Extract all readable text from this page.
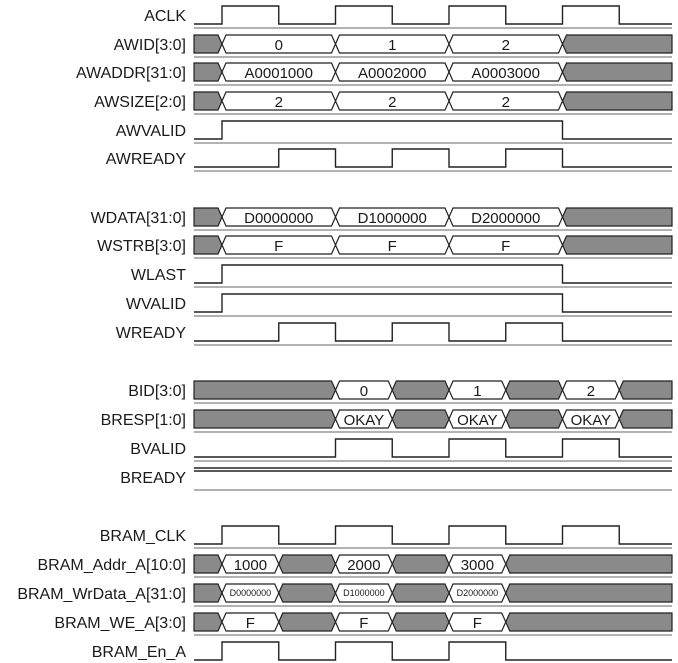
ACLK
AWID[3:0]	0	1	2
AWADDR[31:0]	A0001000	A0002000	A0003000
AWSIZE[2:0]	2	2	2
AWVALID
AWREADY
WDATA[31:0]	D0000000	D1000000	D2000000
WSTRB[3:0]	F	F	F
WLAST
WVALID
WREADY
BID[3:0]	0	1	2
BRESP[1:0]	OKAY	OKAY	OKAY
BVALID
BREADY
BRAM_CLK
BRAM_Addr_A[10:0]	1000	2000	3000
BRAM_WrData_A[31:0]	D0000000	D1000000	D2000000
BRAM_WE_A[3:0]	F	F	F
BRAM_En_A
